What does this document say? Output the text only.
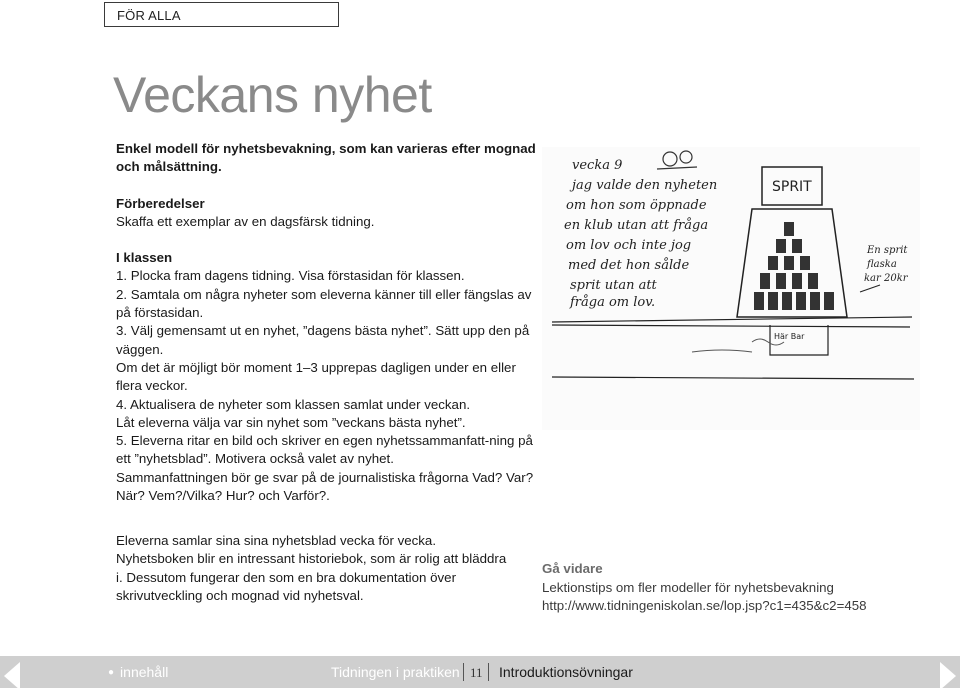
FÖR ALLA
Veckans nyhet

Enkel modell för nyhetsbevakning, som kan varieras efter mognad och målsättning.

Förberedelser

Skaffa ett exemplar av en dagsfärsk tidning.

I klassen

1. Plocka fram dagens tidning. Visa förstasidan för klassen.

2. Samtala om några nyheter som eleverna känner till eller fängslas av på förstasidan.

3. Välj gemensamt ut en nyhet, ”dagens bästa nyhet”. Sätt upp den på väggen.

Om det är möjligt bör moment 1–3 upprepas dagligen under en eller flera veckor.

4. Aktualisera de nyheter som klassen samlat under veckan.

Låt eleverna välja var sin nyhet som ”veckans bästa nyhet”.

5. Eleverna ritar en bild och skriver en egen nyhetssammanfatt-ning på ett ”nyhetsblad”. Motivera också valet av nyhet.

Sammanfattningen bör ge svar på de journalistiska frågorna Vad? Var? När? Vem?/Vilka? Hur? och Varför?.

Eleverna samlar sina sina nyhetsblad vecka för vecka. Nyhetsboken blir en intressant historiebok, som är rolig att bläddra i. Dessutom fungerar den som en bra dokumentation över skrivutveckling och mognad vid nyhetsval.
vecka 9
jag valde den nyheten
om hon som öppnade
en klub utan att fråga
om lov och inte jog
med det hon sålde
sprit utan att
fråga om lov.
SPRIT
En sprit
flaska
kar 20kr
Här Bar

Gå vidare

Lektionstips om fler modeller för nyhetsbevakning

http://www.tidningeniskolan.se/lop.jsp?c1=435&c2=458

● innehåll	Tidningen i praktiken 11 Introduktionsövningar
